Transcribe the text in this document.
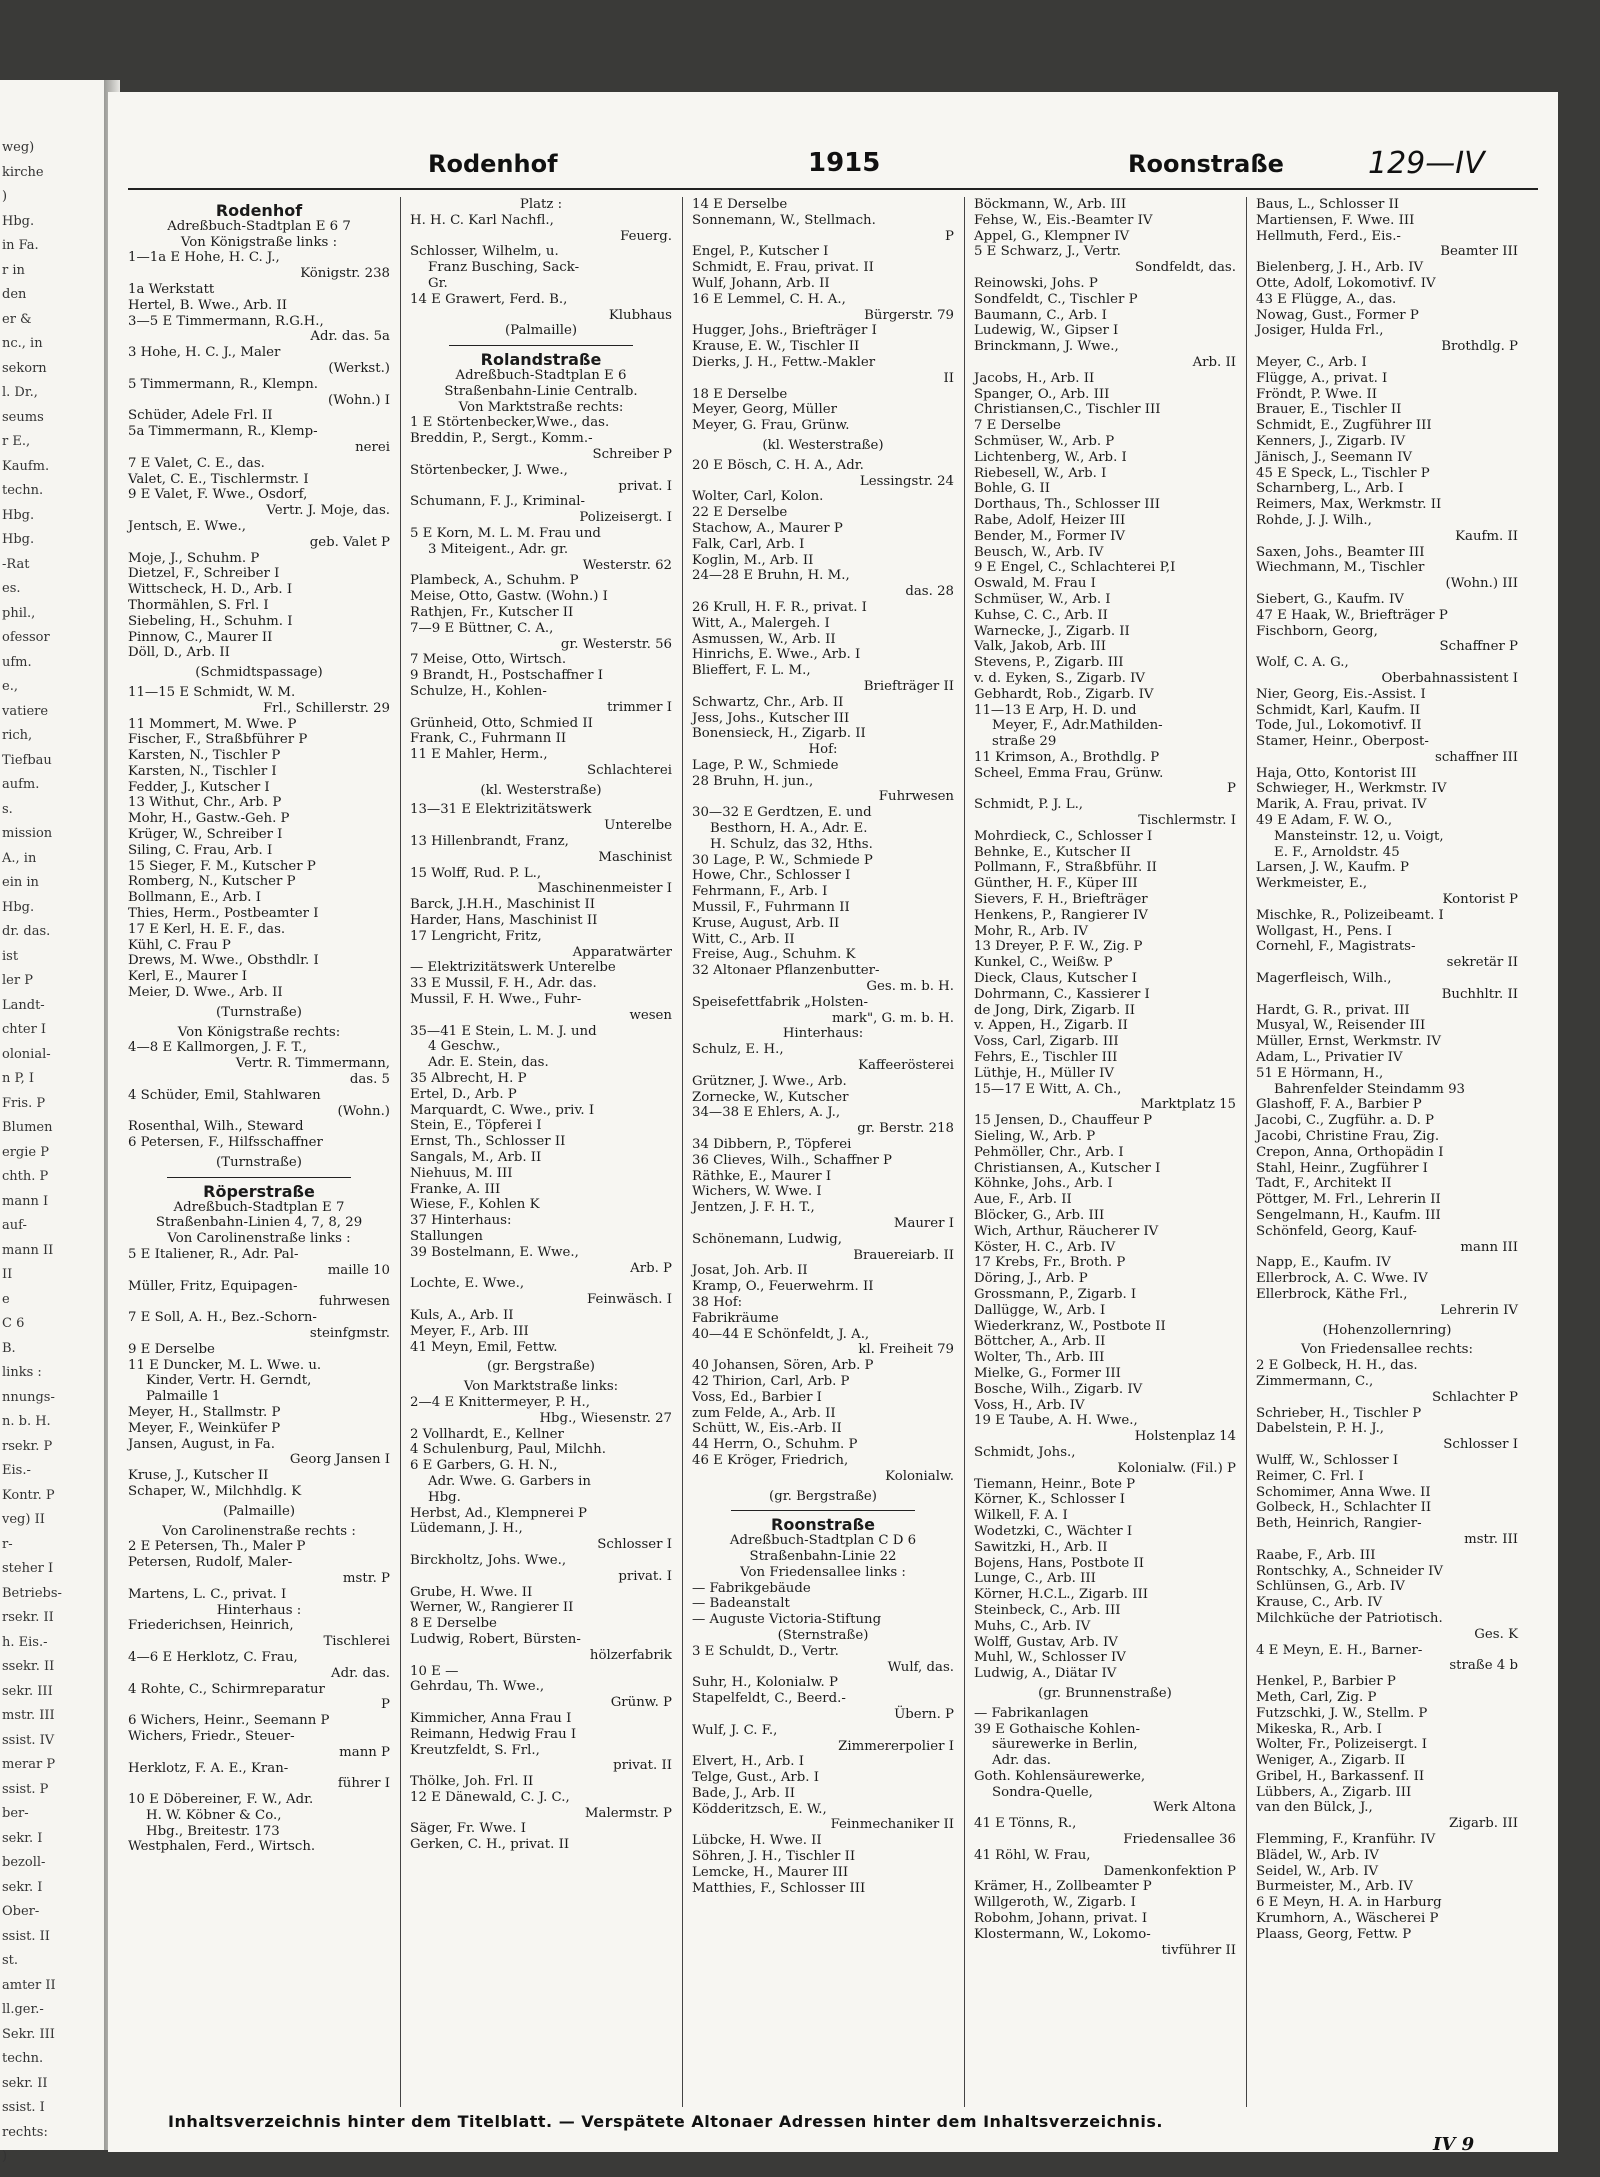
weg)
kirche
)
Hbg.
in Fa.
r in
den
er &
nc., in
sekorn
l. Dr.,
seums
r E.,
Kaufm.
techn.
Hbg.
Hbg.
-Rat
es.
phil.,
ofessor
ufm.
e.,
vatiere
rich,
Tiefbau
aufm.
s.
mission
A., in
ein in
Hbg.
dr. das.
ist
ler P
Landt-
chter I
olonial-
n P, I
Fris. P
Blumen
ergie P
chth. P
mann I
auf-
mann II
II
e
C 6
B.
links :
nnungs-
n. b. H.
rsekr. P
Eis.-
Kontr. P
veg) II
r-
steher I
Betriebs-
rsekr. II
h. Eis.-
ssekr. II
sekr. III
mstr. III
ssist. IV
merar P
ssist. P
ber-
sekr. I
bezoll-
sekr. I
Ober-
ssist. II
st.
amter II
ll.ger.-
Sekr. III
techn.
sekr. II
ssist. I
rechts:
)
Rodenhof	1915	Roonstraße	129—IV
Rodenhof
Adreßbuch-Stadtplan E 6 7
Von Königstraße links :
1—1a E Hohe, H. C. J.,
Königstr. 238
1a Werkstatt
Hertel, B. Wwe., Arb. II
3—5 E Timmermann, R.G.H.,
Adr. das. 5a
3 Hohe, H. C. J., Maler
(Werkst.)
5 Timmermann, R., Klempn.
(Wohn.) I
Schüder, Adele Frl. II
5a Timmermann, R., Klemp-
nerei
7 E Valet, C. E., das.
Valet, C. E., Tischlermstr. I
9 E Valet, F. Wwe., Osdorf,
Vertr. J. Moje, das.
Jentsch, E. Wwe.,
geb. Valet P
Moje, J., Schuhm. P
Dietzel, F., Schreiber I
Wittscheck, H. D., Arb. I
Thormählen, S. Frl. I
Siebeling, H., Schuhm. I
Pinnow, C., Maurer II
Döll, D., Arb. II
(Schmidtspassage)
11—15 E Schmidt, W. M.
Frl., Schillerstr. 29
11 Mommert, M. Wwe. P
Fischer, F., Straßbführer P
Karsten, N., Tischler P
Karsten, N., Tischler I
Fedder, J., Kutscher I
13 Withut, Chr., Arb. P
Mohr, H., Gastw.-Geh. P
Krüger, W., Schreiber I
Siling, C. Frau, Arb. I
15 Sieger, F. M., Kutscher P
Romberg, N., Kutscher P
Bollmann, E., Arb. I
Thies, Herm., Postbeamter I
17 E Kerl, H. E. F., das.
Kühl, C. Frau P
Drews, M. Wwe., Obsthdlr. I
Kerl, E., Maurer I
Meier, D. Wwe., Arb. II
(Turnstraße)
Von Königstraße rechts:
4—8 E Kallmorgen, J. F. T.,
Vertr. R. Timmermann,
das. 5
4 Schüder, Emil, Stahlwaren
(Wohn.)
Rosenthal, Wilh., Steward
6 Petersen, F., Hilfsschaffner
(Turnstraße)
Röperstraße
Adreßbuch-Stadtplan E 7
Straßenbahn-Linien 4, 7, 8, 29
Von Carolinenstraße links :
5 E Italiener, R., Adr. Pal-
maille 10
Müller, Fritz, Equipagen-
fuhrwesen
7 E Soll, A. H., Bez.-Schorn-
steinfgmstr.
9 E Derselbe
11 E Duncker, M. L. Wwe. u.
Kinder, Vertr. H. Gerndt,
Palmaille 1
Meyer, H., Stallmstr. P
Meyer, F., Weinküfer P
Jansen, August, in Fa.
Georg Jansen I
Kruse, J., Kutscher II
Schaper, W., Milchhdlg. K
(Palmaille)
Von Carolinenstraße rechts :
2 E Petersen, Th., Maler P
Petersen, Rudolf, Maler-
mstr. P
Martens, L. C., privat. I
Hinterhaus :
Friederichsen, Heinrich,
Tischlerei
4—6 E Herklotz, C. Frau,
Adr. das.
4 Rohte, C., Schirmreparatur
P
6 Wichers, Heinr., Seemann P
Wichers, Friedr., Steuer-
mann P
Herklotz, F. A. E., Kran-
führer I
10 E Döbereiner, F. W., Adr.
H. W. Köbner & Co.,
Hbg., Breitestr. 173
Westphalen, Ferd., Wirtsch.
Platz :
H. H. C. Karl Nachfl.,
Feuerg.
Schlosser, Wilhelm, u.
Franz Busching, Sack-
Gr.
14 E Grawert, Ferd. B.,
Klubhaus
(Palmaille)
Rolandstraße
Adreßbuch-Stadtplan E 6
Straßenbahn-Linie Centralb.
Von Marktstraße rechts:
1 E Störtenbecker,Wwe., das.
Breddin, P., Sergt., Komm.-
Schreiber P
Störtenbecker, J. Wwe.,
privat. I
Schumann, F. J., Kriminal-
Polizeisergt. I
5 E Korn, M. L. M. Frau und
3 Miteigent., Adr. gr.
Westerstr. 62
Plambeck, A., Schuhm. P
Meise, Otto, Gastw. (Wohn.) I
Rathjen, Fr., Kutscher II
7—9 E Büttner, C. A.,
gr. Westerstr. 56
7 Meise, Otto, Wirtsch.
9 Brandt, H., Postschaffner I
Schulze, H., Kohlen-
trimmer I
Grünheid, Otto, Schmied II
Frank, C., Fuhrmann II
11 E Mahler, Herm.,
Schlachterei
(kl. Westerstraße)
13—31 E Elektrizitätswerk
Unterelbe
13 Hillenbrandt, Franz,
Maschinist
15 Wolff, Rud. P. L.,
Maschinenmeister I
Barck, J.H.H., Maschinist II
Harder, Hans, Maschinist II
17 Lengricht, Fritz,
Apparatwärter
— Elektrizitätswerk Unterelbe
33 E Mussil, F. H., Adr. das.
Mussil, F. H. Wwe., Fuhr-
wesen
35—41 E Stein, L. M. J. und
4 Geschw.,
Adr. E. Stein, das.
35 Albrecht, H. P
Ertel, D., Arb. P
Marquardt, C. Wwe., priv. I
Stein, E., Töpferei I
Ernst, Th., Schlosser II
Sangals, M., Arb. II
Niehuus, M. III
Franke, A. III
Wiese, F., Kohlen K
37 Hinterhaus:
Stallungen
39 Bostelmann, E. Wwe.,
Arb. P
Lochte, E. Wwe.,
Feinwäsch. I
Kuls, A., Arb. II
Meyer, F., Arb. III
41 Meyn, Emil, Fettw.
(gr. Bergstraße)
Von Marktstraße links:
2—4 E Knittermeyer, P. H.,
Hbg., Wiesenstr. 27
2 Vollhardt, E., Kellner
4 Schulenburg, Paul, Milchh.
6 E Garbers, G. H. N.,
Adr. Wwe. G. Garbers in
Hbg.
Herbst, Ad., Klempnerei P
Lüdemann, J. H.,
Schlosser I
Birckholtz, Johs. Wwe.,
privat. I
Grube, H. Wwe. II
Werner, W., Rangierer II
8 E Derselbe
Ludwig, Robert, Bürsten-
hölzerfabrik
10 E —
Gehrdau, Th. Wwe.,
Grünw. P
Kimmicher, Anna Frau I
Reimann, Hedwig Frau I
Kreutzfeldt, S. Frl.,
privat. II
Thölke, Joh. Frl. II
12 E Dänewald, C. J. C.,
Malermstr. P
Säger, Fr. Wwe. I
Gerken, C. H., privat. II
14 E Derselbe
Sonnemann, W., Stellmach.
P
Engel, P., Kutscher I
Schmidt, E. Frau, privat. II
Wulf, Johann, Arb. II
16 E Lemmel, C. H. A.,
Bürgerstr. 79
Hugger, Johs., Briefträger I
Krause, E. W., Tischler II
Dierks, J. H., Fettw.-Makler
II
18 E Derselbe
Meyer, Georg, Müller
Meyer, G. Frau, Grünw.
(kl. Westerstraße)
20 E Bösch, C. H. A., Adr.
Lessingstr. 24
Wolter, Carl, Kolon.
22 E Derselbe
Stachow, A., Maurer P
Falk, Carl, Arb. I
Koglin, M., Arb. II
24—28 E Bruhn, H. M.,
das. 28
26 Krull, H. F. R., privat. I
Witt, A., Malergeh. I
Asmussen, W., Arb. II
Hinrichs, E. Wwe., Arb. I
Blieffert, F. L. M.,
Briefträger II
Schwartz, Chr., Arb. II
Jess, Johs., Kutscher III
Bonensieck, H., Zigarb. II
Hof:
Lage, P. W., Schmiede
28 Bruhn, H. jun.,
Fuhrwesen
30—32 E Gerdtzen, E. und
Besthorn, H. A., Adr. E.
H. Schulz, das 32, Hths.
30 Lage, P. W., Schmiede P
Howe, Chr., Schlosser I
Fehrmann, F., Arb. I
Mussil, F., Fuhrmann II
Kruse, August, Arb. II
Witt, C., Arb. II
Freise, Aug., Schuhm. K
32 Altonaer Pflanzenbutter-
Ges. m. b. H.
Speisefettfabrik „Holsten-
mark", G. m. b. H.
Hinterhaus:
Schulz, E. H.,
Kaffeerösterei
Grützner, J. Wwe., Arb.
Zornecke, W., Kutscher
34—38 E Ehlers, A. J.,
gr. Berstr. 218
34 Dibbern, P., Töpferei
36 Clieves, Wilh., Schaffner P
Räthke, E., Maurer I
Wichers, W. Wwe. I
Jentzen, J. F. H. T.,
Maurer I
Schönemann, Ludwig,
Brauereiarb. II
Josat, Joh. Arb. II
Kramp, O., Feuerwehrm. II
38 Hof:
Fabrikräume
40—44 E Schönfeldt, J. A.,
kl. Freiheit 79
40 Johansen, Sören, Arb. P
42 Thirion, Carl, Arb. P
Voss, Ed., Barbier I
zum Felde, A., Arb. II
Schütt, W., Eis.-Arb. II
44 Herrn, O., Schuhm. P
46 E Kröger, Friedrich,
Kolonialw.
(gr. Bergstraße)
Roonstraße
Adreßbuch-Stadtplan C D 6
Straßenbahn-Linie 22
Von Friedensallee links :
— Fabrikgebäude
— Badeanstalt
— Auguste Victoria-Stiftung
(Sternstraße)
3 E Schuldt, D., Vertr.
Wulf, das.
Suhr, H., Kolonialw. P
Stapelfeldt, C., Beerd.-
Übern. P
Wulf, J. C. F.,
Zimmererpolier I
Elvert, H., Arb. I
Telge, Gust., Arb. I
Bade, J., Arb. II
Ködderitzsch, E. W.,
Feinmechaniker II
Lübcke, H. Wwe. II
Söhren, J. H., Tischler II
Lemcke, H., Maurer III
Matthies, F., Schlosser III
Böckmann, W., Arb. III
Fehse, W., Eis.-Beamter IV
Appel, G., Klempner IV
5 E Schwarz, J., Vertr.
Sondfeldt, das.
Reinowski, Johs. P
Sondfeldt, C., Tischler P
Baumann, C., Arb. I
Ludewig, W., Gipser I
Brinckmann, J. Wwe.,
Arb. II
Jacobs, H., Arb. II
Spanger, O., Arb. III
Christiansen,C., Tischler III
7 E Derselbe
Schmüser, W., Arb. P
Lichtenberg, W., Arb. I
Riebesell, W., Arb. I
Bohle, G. II
Dorthaus, Th., Schlosser III
Rabe, Adolf, Heizer III
Bender, M., Former IV
Beusch, W., Arb. IV
9 E Engel, C., Schlachterei P,I
Oswald, M. Frau I
Schmüser, W., Arb. I
Kuhse, C. C., Arb. II
Warnecke, J., Zigarb. II
Valk, Jakob, Arb. III
Stevens, P., Zigarb. III
v. d. Eyken, S., Zigarb. IV
Gebhardt, Rob., Zigarb. IV
11—13 E Arp, H. D. und
Meyer, F., Adr.Mathilden-
straße 29
11 Krimson, A., Brothdlg. P
Scheel, Emma Frau, Grünw.
P
Schmidt, P. J. L.,
Tischlermstr. I
Mohrdieck, C., Schlosser I
Behnke, E., Kutscher II
Pollmann, F., Straßbführ. II
Günther, H. F., Küper III
Sievers, F. H., Briefträger
Henkens, P., Rangierer IV
Mohr, R., Arb. IV
13 Dreyer, P. F. W., Zig. P
Kunkel, C., Weißw. P
Dieck, Claus, Kutscher I
Dohrmann, C., Kassierer I
de Jong, Dirk, Zigarb. II
v. Appen, H., Zigarb. II
Voss, Carl, Zigarb. III
Fehrs, E., Tischler III
Lüthje, H., Müller IV
15—17 E Witt, A. Ch.,
Marktplatz 15
15 Jensen, D., Chauffeur P
Sieling, W., Arb. P
Pehmöller, Chr., Arb. I
Christiansen, A., Kutscher I
Köhnke, Johs., Arb. I
Aue, F., Arb. II
Blöcker, G., Arb. III
Wich, Arthur, Räucherer IV
Köster, H. C., Arb. IV
17 Krebs, Fr., Broth. P
Döring, J., Arb. P
Grossmann, P., Zigarb. I
Dallügge, W., Arb. I
Wiederkranz, W., Postbote II
Böttcher, A., Arb. II
Wolter, Th., Arb. III
Mielke, G., Former III
Bosche, Wilh., Zigarb. IV
Voss, H., Arb. IV
19 E Taube, A. H. Wwe.,
Holstenplaz 14
Schmidt, Johs.,
Kolonialw. (Fil.) P
Tiemann, Heinr., Bote P
Körner, K., Schlosser I
Wilkell, F. A. I
Wodetzki, C., Wächter I
Sawitzki, H., Arb. II
Bojens, Hans, Postbote II
Lunge, C., Arb. III
Körner, H.C.L., Zigarb. III
Steinbeck, C., Arb. III
Muhs, C., Arb. IV
Wolff, Gustav, Arb. IV
Muhl, W., Schlosser IV
Ludwig, A., Diätar IV
(gr. Brunnenstraße)
— Fabrikanlagen
39 E Gothaische Kohlen-
säurewerke in Berlin,
Adr. das.
Goth. Kohlensäurewerke,
Sondra-Quelle,
Werk Altona
41 E Tönns, R.,
Friedensallee 36
41 Röhl, W. Frau,
Damenkonfektion P
Krämer, H., Zollbeamter P
Willgeroth, W., Zigarb. I
Robohm, Johann, privat. I
Klostermann, W., Lokomo-
tivführer II
Baus, L., Schlosser II
Martiensen, F. Wwe. III
Hellmuth, Ferd., Eis.-
Beamter III
Bielenberg, J. H., Arb. IV
Otte, Adolf, Lokomotivf. IV
43 E Flügge, A., das.
Nowag, Gust., Former P
Josiger, Hulda Frl.,
Brothdlg. P
Meyer, C., Arb. I
Flügge, A., privat. I
Fröndt, P. Wwe. II
Brauer, E., Tischler II
Schmidt, E., Zugführer III
Kenners, J., Zigarb. IV
Jänisch, J., Seemann IV
45 E Speck, L., Tischler P
Scharnberg, L., Arb. I
Reimers, Max, Werkmstr. II
Rohde, J. J. Wilh.,
Kaufm. II
Saxen, Johs., Beamter III
Wiechmann, M., Tischler
(Wohn.) III
Siebert, G., Kaufm. IV
47 E Haak, W., Briefträger P
Fischborn, Georg,
Schaffner P
Wolf, C. A. G.,
Oberbahnassistent I
Nier, Georg, Eis.-Assist. I
Schmidt, Karl, Kaufm. II
Tode, Jul., Lokomotivf. II
Stamer, Heinr., Oberpost-
schaffner III
Haja, Otto, Kontorist III
Schwieger, H., Werkmstr. IV
Marik, A. Frau, privat. IV
49 E Adam, F. W. O.,
Mansteinstr. 12, u. Voigt,
E. F., Arnoldstr. 45
Larsen, J. W., Kaufm. P
Werkmeister, E.,
Kontorist P
Mischke, R., Polizeibeamt. I
Wollgast, H., Pens. I
Cornehl, F., Magistrats-
sekretär II
Magerfleisch, Wilh.,
Buchhltr. II
Hardt, G. R., privat. III
Musyal, W., Reisender III
Müller, Ernst, Werkmstr. IV
Adam, L., Privatier IV
51 E Hörmann, H.,
Bahrenfelder Steindamm 93
Glashoff, F. A., Barbier P
Jacobi, C., Zugführ. a. D. P
Jacobi, Christine Frau, Zig.
Crepon, Anna, Orthopädin I
Stahl, Heinr., Zugführer I
Tadt, F., Architekt II
Pöttger, M. Frl., Lehrerin II
Sengelmann, H., Kaufm. III
Schönfeld, Georg, Kauf-
mann III
Napp, E., Kaufm. IV
Ellerbrock, A. C. Wwe. IV
Ellerbrock, Käthe Frl.,
Lehrerin IV
(Hohenzollernring)
Von Friedensallee rechts:
2 E Golbeck, H. H., das.
Zimmermann, C.,
Schlachter P
Schrieber, H., Tischler P
Dabelstein, P. H. J.,
Schlosser I
Wulff, W., Schlosser I
Reimer, C. Frl. I
Schomimer, Anna Wwe. II
Golbeck, H., Schlachter II
Beth, Heinrich, Rangier-
mstr. III
Raabe, F., Arb. III
Rontschky, A., Schneider IV
Schlünsen, G., Arb. IV
Krause, C., Arb. IV
Milchküche der Patriotisch.
Ges. K
4 E Meyn, E. H., Barner-
straße 4 b
Henkel, P., Barbier P
Meth, Carl, Zig. P
Futzschki, J. W., Stellm. P
Mikeska, R., Arb. I
Wolter, Fr., Polizeisergt. I
Weniger, A., Zigarb. II
Gribel, H., Barkassenf. II
Lübbers, A., Zigarb. III
van den Bülck, J.,
Zigarb. III
Flemming, F., Kranführ. IV
Blädel, W., Arb. IV
Seidel, W., Arb. IV
Burmeister, M., Arb. IV
6 E Meyn, H. A. in Harburg
Krumhorn, A., Wäscherei P
Plaass, Georg, Fettw. P
Inhaltsverzeichnis hinter dem Titelblatt. — Verspätete Altonaer Adressen hinter dem Inhaltsverzeichnis.
IV 9
